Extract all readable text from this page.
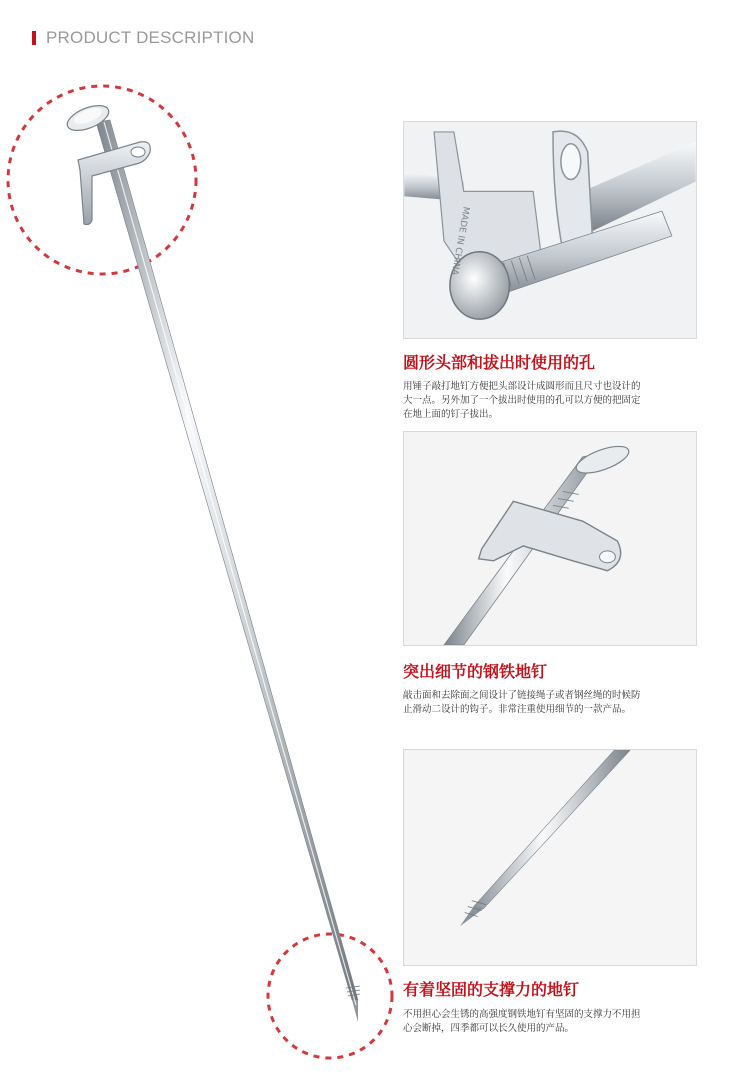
PRODUCT DESCRIPTION
MADE IN CHINA
圆形头部和拔出时使用的孔
用锤子敲打地钉方便把头部设计成圆形而且尺寸也设计的大一点。另外加了一个拔出时使用的孔可以方便的把固定在地上面的钉子拔出。
突出细节的钢铁地钉
敲击面和去除面之间设计了链接绳子或者钢丝绳的时候防止滑动二设计的钩子。非常注重使用细节的一款产品。
有着坚固的支撑力的地钉
不用担心会生锈的高强度钢铁地钉有坚固的支撑力不用担心会断掉，四季都可以长久使用的产品。
